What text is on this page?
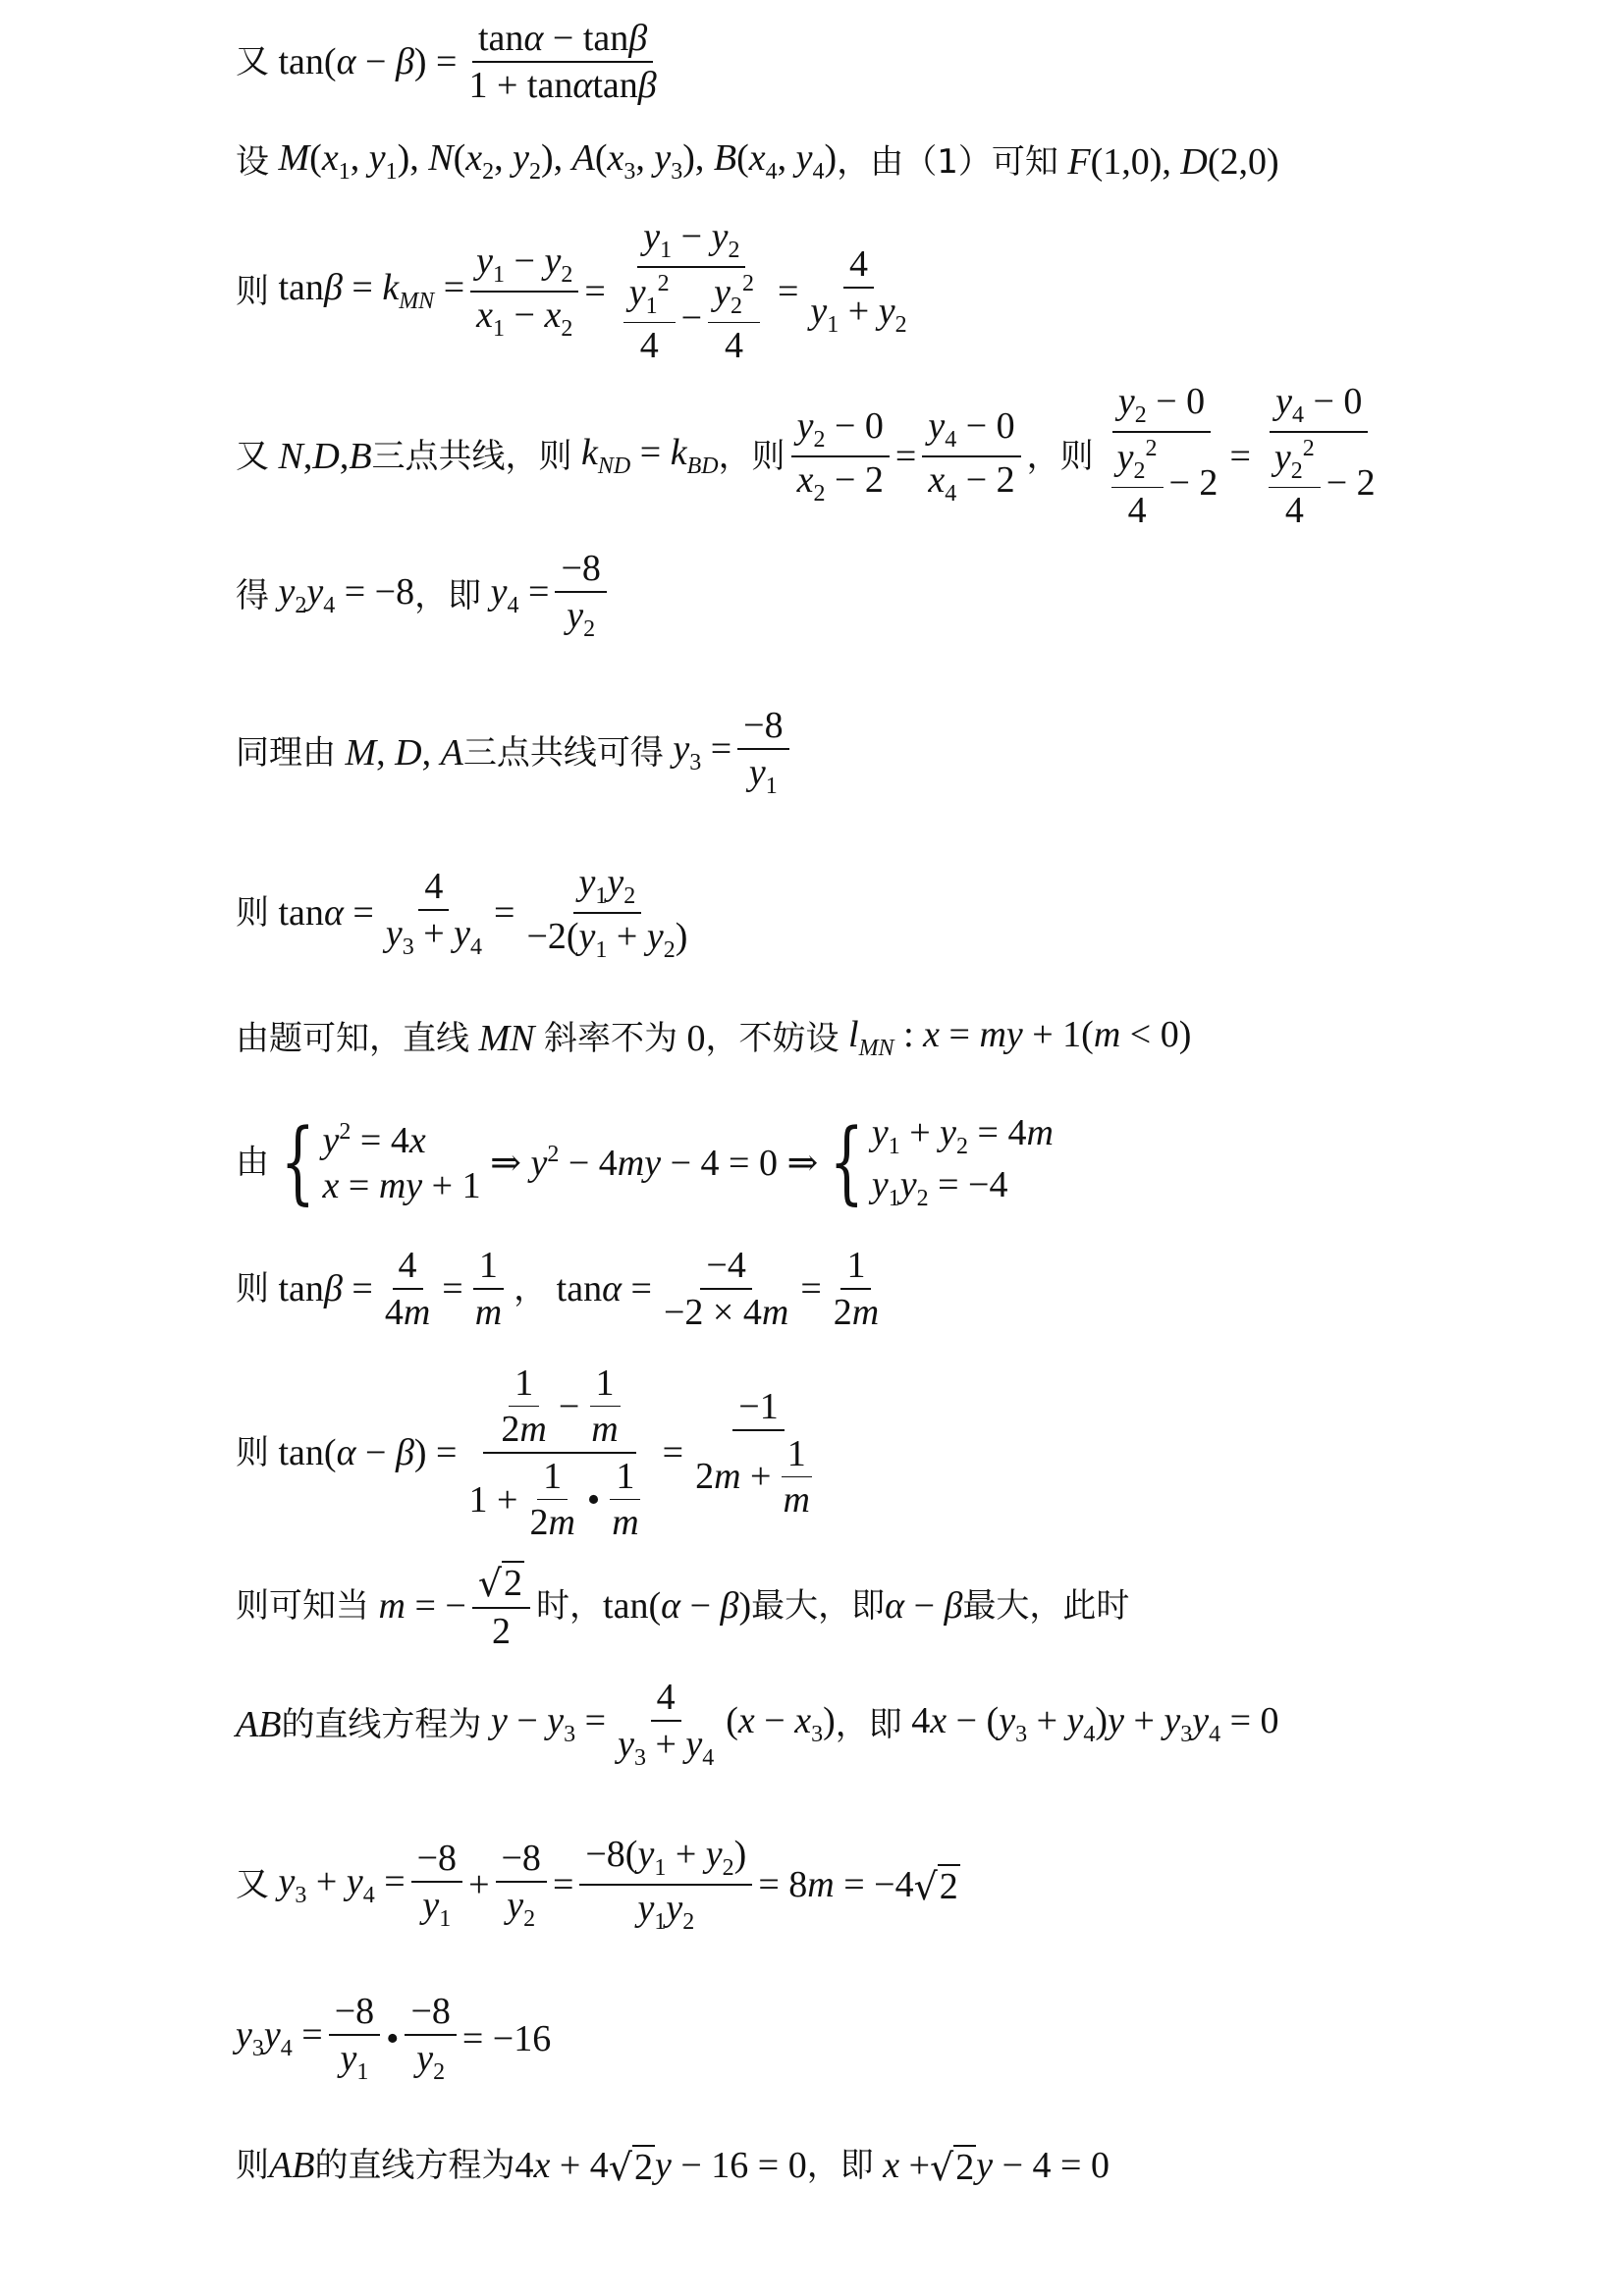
又 $\tan(\alpha - \beta) = \frac{\tan\alpha - \tan\beta}{1 + \tan\alpha\tan\beta}$
设 $M(x_1$, $y_1$), $N(x_2$, $y_2$), $A(x_3$, $y_3$), $B(x_4$, $y_4$) ，由（1）可知 F(1,0), D(2,0)
则 $\tan\beta = k_{MN} = \frac{y_1 - y_2}{x_1 - x_2} = \frac{y_1 - y_2}{\frac{y_1^2}{4} - \frac{y_2^2}{4}} = \frac{4}{y_1 + y_2}$
又 N , D , B 三点共线，则 $k_{ND} = k_{BD}$ ，则 $\frac{y_2 - 0}{x_2 - 2} = \frac{y_4 - 0}{x_4 - 2}$ ，则 $\frac{y_2 - 0}{\frac{y_2^2}{4} - 2} = \frac{y_4 - 0}{\frac{y_2^2}{4} - 2}$
得 $y_2y_4 = -8$ ，即 $y_4 = \frac{-8}{y_2}$
同理由 M, D, A 三点共线可得 $y_3 = \frac{-8}{y_1}$
则 $\tan\alpha = \frac{4}{y_3 + y_4} = \frac{y_1y_2}{-2(y_1 + y_2)}$
由题可知，直线 MN 斜率不为 0 ，不妨设 $l_{MN}$ : x = my + 1(m < 0)
由 { $y^2 = 4x$
x = my + 1
⇒ $y^2 - 4my - 4 = 0$ ⇒ { $y_1 + y_2 = 4m$
$y_1y_2 = -4$
则 $\tan\beta = \frac{4}{4m} = \frac{1}{m}$ ， $\tan\alpha = \frac{-4}{-2 \times 4m} = \frac{1}{2m}$
则 $\tan(\alpha - \beta) = \frac{\frac{1}{2m} - \frac{1}{m}}{1 + \frac{1}{2m} • \frac{1}{m}} = \frac{-1}{2m + \frac{1}{m}}$
则可知当 m = − $\frac{√ 2}{2}$ 时， tan(α − β) 最大，即 α − β 最大，此时
AB 的直线方程为 $y - y_3 = \frac{4}{y_3 + y_4} (x - x_3)$ ，即 $4x - (y_3 + y_4)y + y_3y_4 = 0$
又 $y_3 + y_4 = \frac{-8}{y_1} + \frac{-8}{y_2} = \frac{-8(y_1 + y_2)}{y_1y_2} = 8m = -4$ √ 2
$y_3y_4 = \frac{-8}{y_1}$ • $\frac{-8}{y_2} = -16$
则 AB 的直线方程为 4x + 4 √ 2 y − 16 = 0 ，即 x + √ 2 y − 4 = 0
